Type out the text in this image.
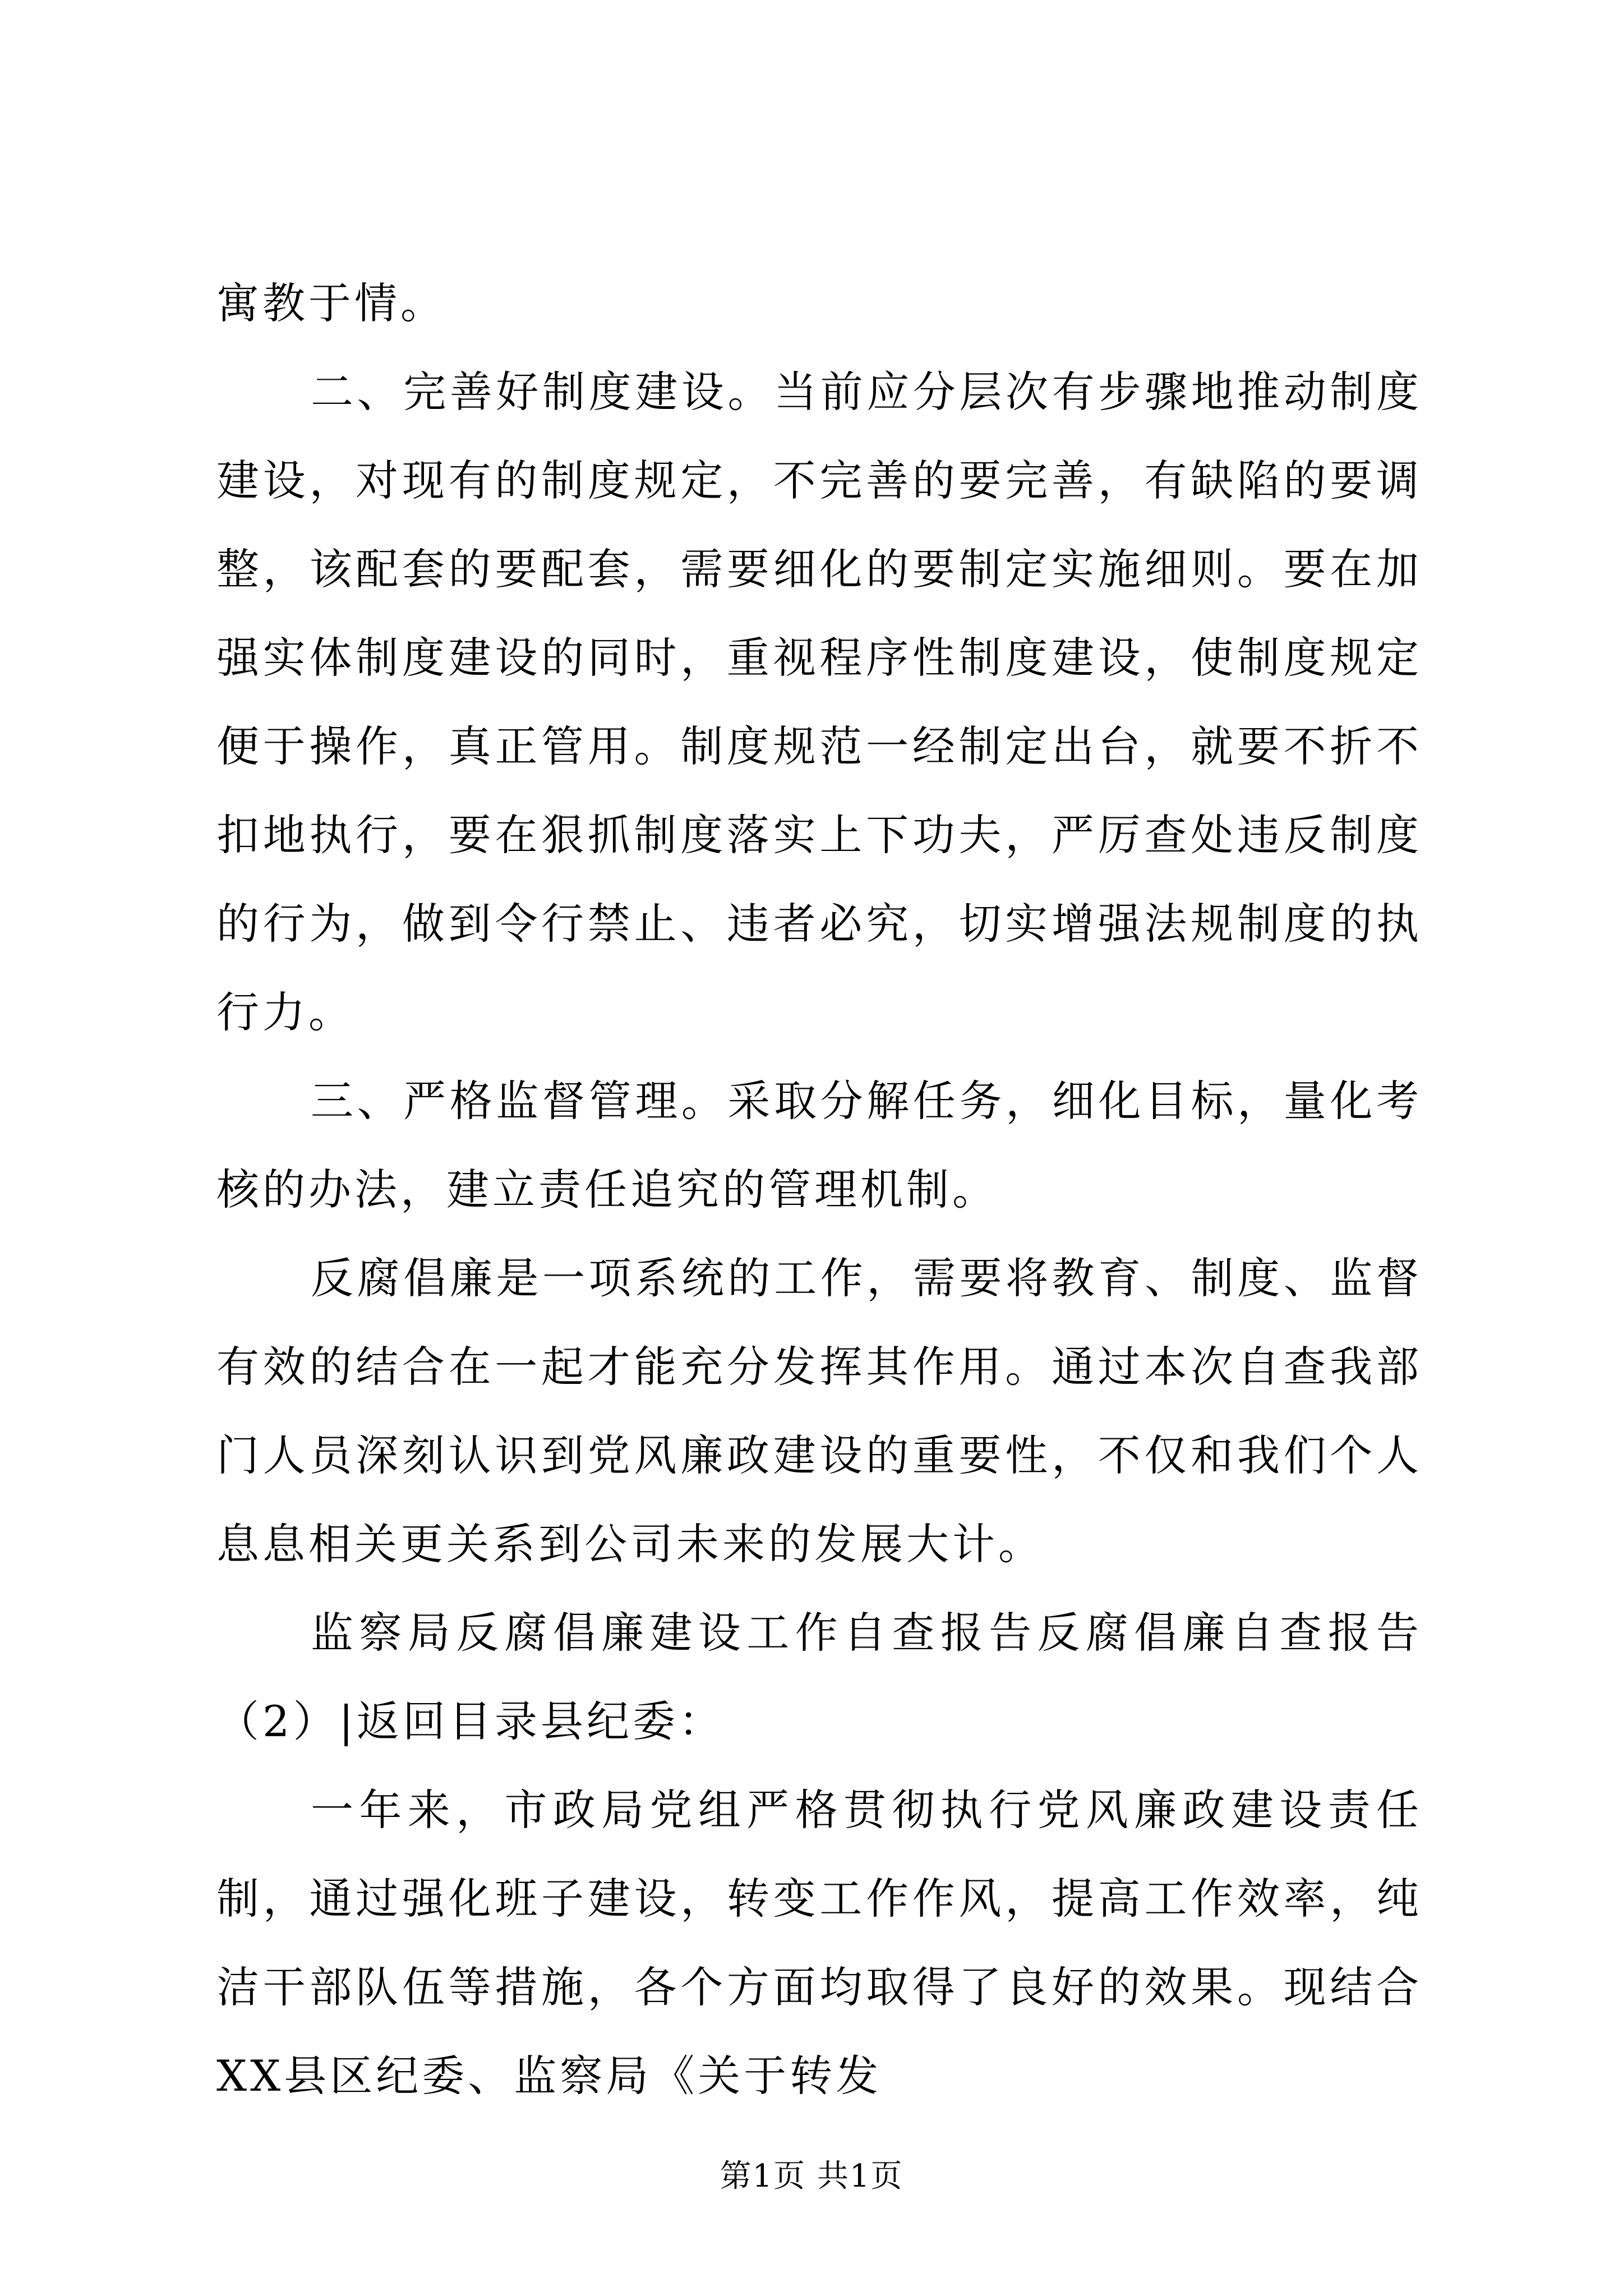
寓教于情。

二、完善好制度建设。当前应分层次有步骤地推动制度建设，对现有的制度规定，不完善的要完善，有缺陷的要调整，该配套的要配套，需要细化的要制定实施细则。要在加强实体制度建设的同时，重视程序性制度建设，使制度规定便于操作，真正管用。制度规范一经制定出台，就要不折不扣地执行，要在狠抓制度落实上下功夫，严厉查处违反制度的行为，做到令行禁止、违者必究，切实增强法规制度的执行力。

三、严格监督管理。采取分解任务，细化目标，量化考核的办法，建立责任追究的管理机制。

反腐倡廉是一项系统的工作，需要将教育、制度、监督有效的结合在一起才能充分发挥其作用。通过本次自查我部门人员深刻认识到党风廉政建设的重要性，不仅和我们个人息息相关更关系到公司未来的发展大计。

监察局反腐倡廉建设工作自查报告反腐倡廉自查报告（2）|返回目录县纪委：

一年来，市政局党组严格贯彻执行党风廉政建设责任制，通过强化班子建设，转变工作作风，提高工作效率，纯洁干部队伍等措施，各个方面均取得了良好的效果。现结合XX县区纪委、监察局《关于转发

第1页 共1页
